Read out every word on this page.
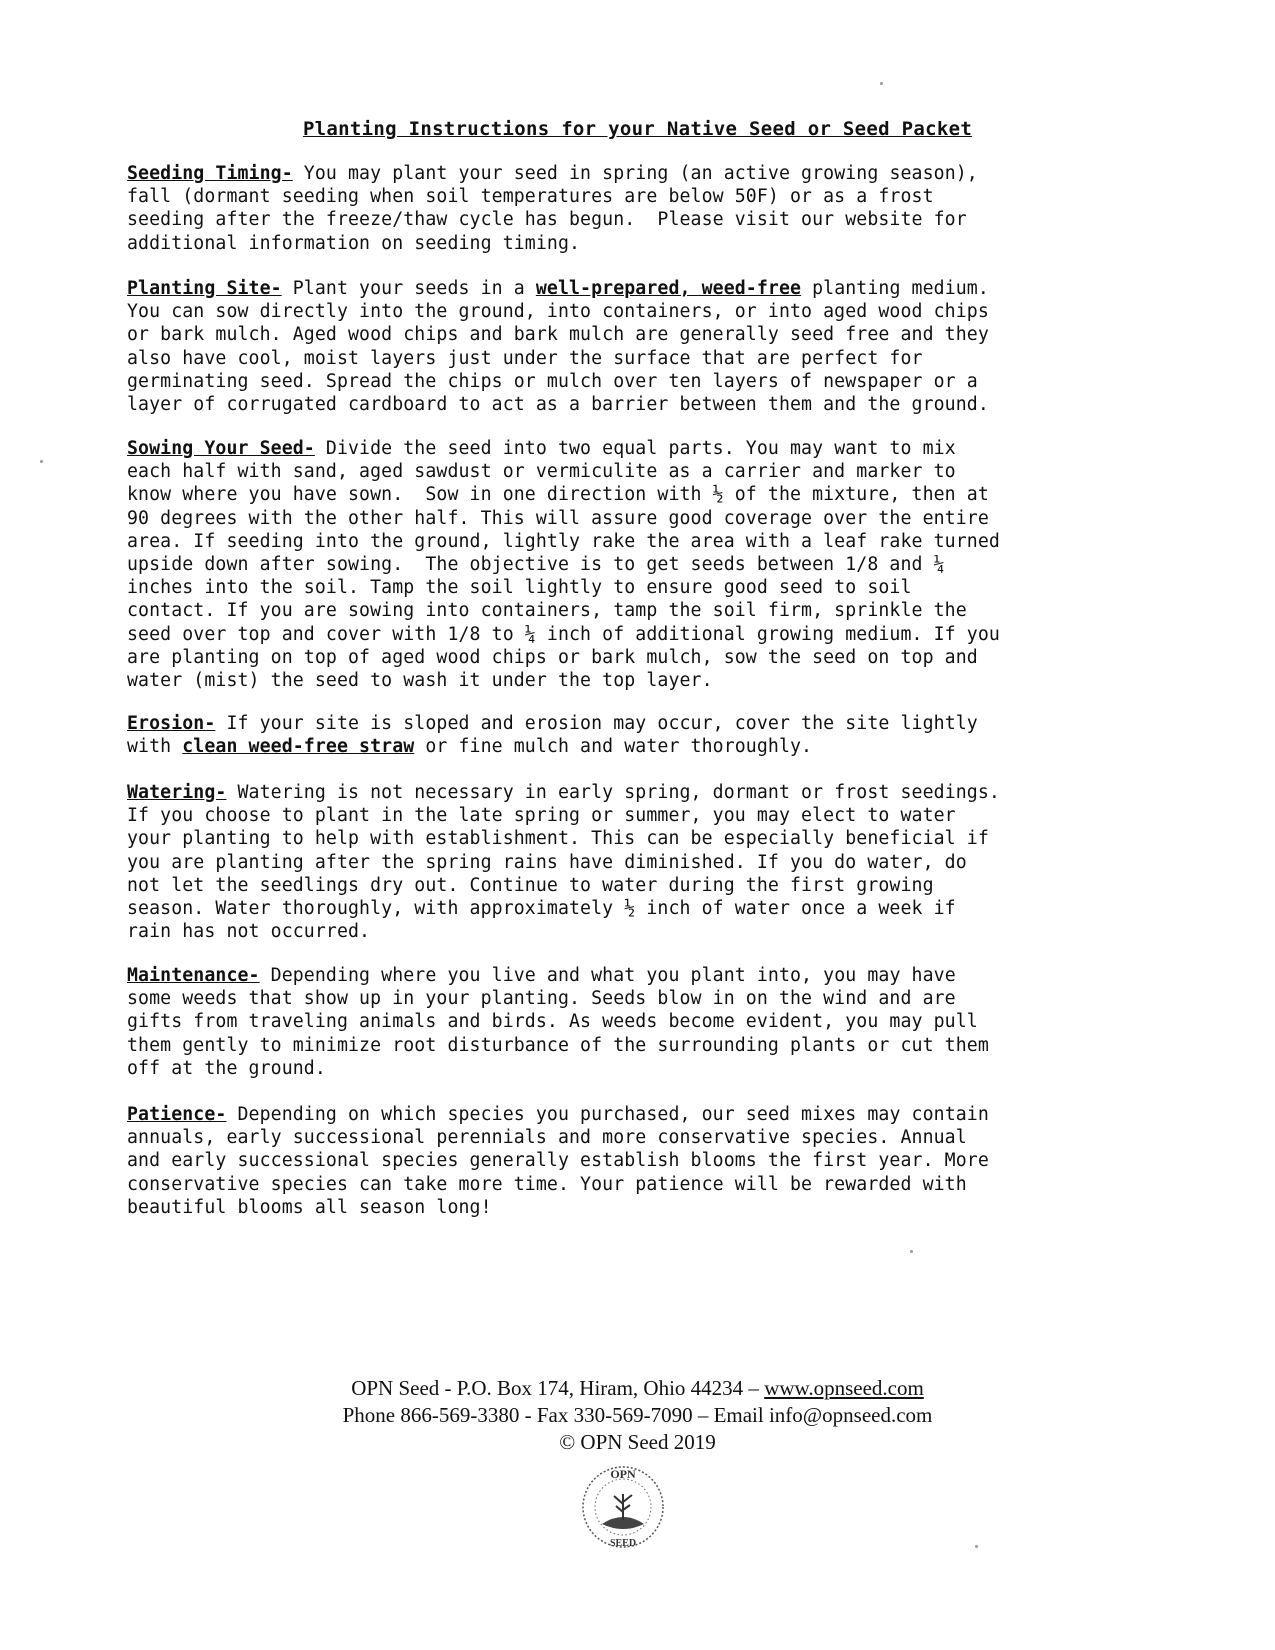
Planting Instructions for your Native Seed or Seed Packet
Seeding Timing- You may plant your seed in spring (an active growing season),
fall (dormant seeding when soil temperatures are below 50F) or as a frost
seeding after the freeze/thaw cycle has begun.  Please visit our website for
additional information on seeding timing.
Planting Site- Plant your seeds in a well-prepared, weed-free planting medium.
You can sow directly into the ground, into containers, or into aged wood chips
or bark mulch. Aged wood chips and bark mulch are generally seed free and they
also have cool, moist layers just under the surface that are perfect for
germinating seed. Spread the chips or mulch over ten layers of newspaper or a
layer of corrugated cardboard to act as a barrier between them and the ground.
Sowing Your Seed- Divide the seed into two equal parts. You may want to mix
each half with sand, aged sawdust or vermiculite as a carrier and marker to
know where you have sown.  Sow in one direction with ½ of the mixture, then at
90 degrees with the other half. This will assure good coverage over the entire
area. If seeding into the ground, lightly rake the area with a leaf rake turned
upside down after sowing.  The objective is to get seeds between 1/8 and ¼
inches into the soil. Tamp the soil lightly to ensure good seed to soil
contact. If you are sowing into containers, tamp the soil firm, sprinkle the
seed over top and cover with 1/8 to ¼ inch of additional growing medium. If you
are planting on top of aged wood chips or bark mulch, sow the seed on top and
water (mist) the seed to wash it under the top layer.
Erosion- If your site is sloped and erosion may occur, cover the site lightly
with clean weed-free straw or fine mulch and water thoroughly.
Watering- Watering is not necessary in early spring, dormant or frost seedings.
If you choose to plant in the late spring or summer, you may elect to water
your planting to help with establishment. This can be especially beneficial if
you are planting after the spring rains have diminished. If you do water, do
not let the seedlings dry out. Continue to water during the first growing
season. Water thoroughly, with approximately ½ inch of water once a week if
rain has not occurred.
Maintenance- Depending where you live and what you plant into, you may have
some weeds that show up in your planting. Seeds blow in on the wind and are
gifts from traveling animals and birds. As weeds become evident, you may pull
them gently to minimize root disturbance of the surrounding plants or cut them
off at the ground.
Patience- Depending on which species you purchased, our seed mixes may contain
annuals, early successional perennials and more conservative species. Annual
and early successional species generally establish blooms the first year. More
conservative species can take more time. Your patience will be rewarded with
beautiful blooms all season long!
OPN Seed - P.O. Box 174, Hiram, Ohio 44234 – www.opnseed.com
Phone 866-569-3380 - Fax 330-569-7090 – Email info@opnseed.com
© OPN Seed 2019
OPN
SEED
